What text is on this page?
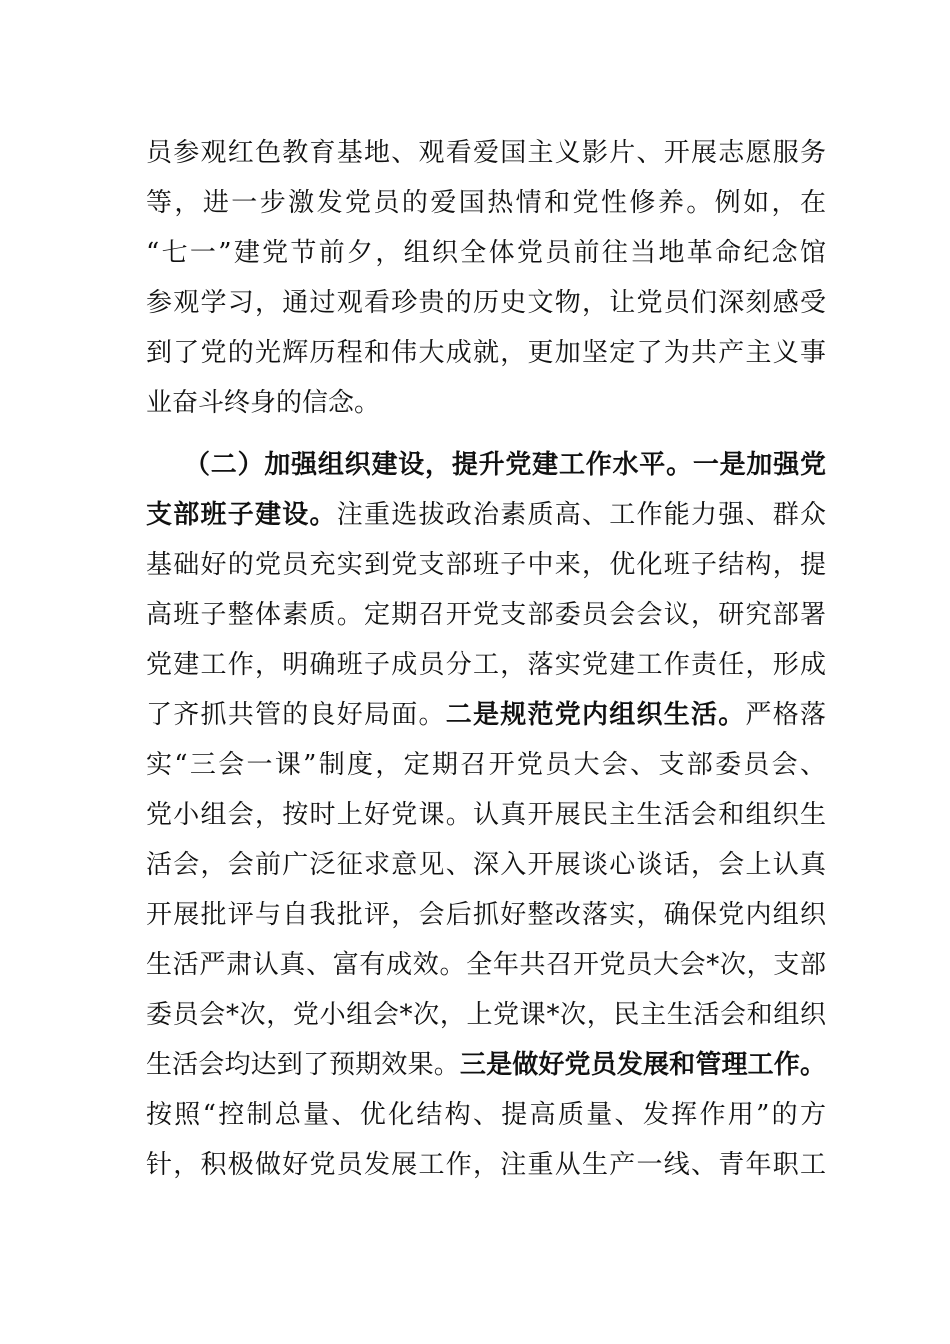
员参观红色教育基地、观看爱国主义影片、开展志愿服务
等，进一步激发党员的爱国热情和党性修养。例如，在
“七一”建党节前夕，组织全体党员前往当地革命纪念馆
参观学习，通过观看珍贵的历史文物，让党员们深刻感受
到了党的光辉历程和伟大成就，更加坚定了为共产主义事
业奋斗终身的信念。
（二）加强组织建设，提升党建工作水平。一是加强党
支部班子建设。注重选拔政治素质高、工作能力强、群众
基础好的党员充实到党支部班子中来，优化班子结构，提
高班子整体素质。定期召开党支部委员会会议，研究部署
党建工作，明确班子成员分工，落实党建工作责任，形成
了齐抓共管的良好局面。二是规范党内组织生活。严格落
实“三会一课”制度，定期召开党员大会、支部委员会、
党小组会，按时上好党课。认真开展民主生活会和组织生
活会，会前广泛征求意见、深入开展谈心谈话，会上认真
开展批评与自我批评，会后抓好整改落实，确保党内组织
生活严肃认真、富有成效。全年共召开党员大会*次，支部
委员会*次，党小组会*次，上党课*次，民主生活会和组织
生活会均达到了预期效果。三是做好党员发展和管理工作。
按照“控制总量、优化结构、提高质量、发挥作用”的方
针，积极做好党员发展工作，注重从生产一线、青年职工
